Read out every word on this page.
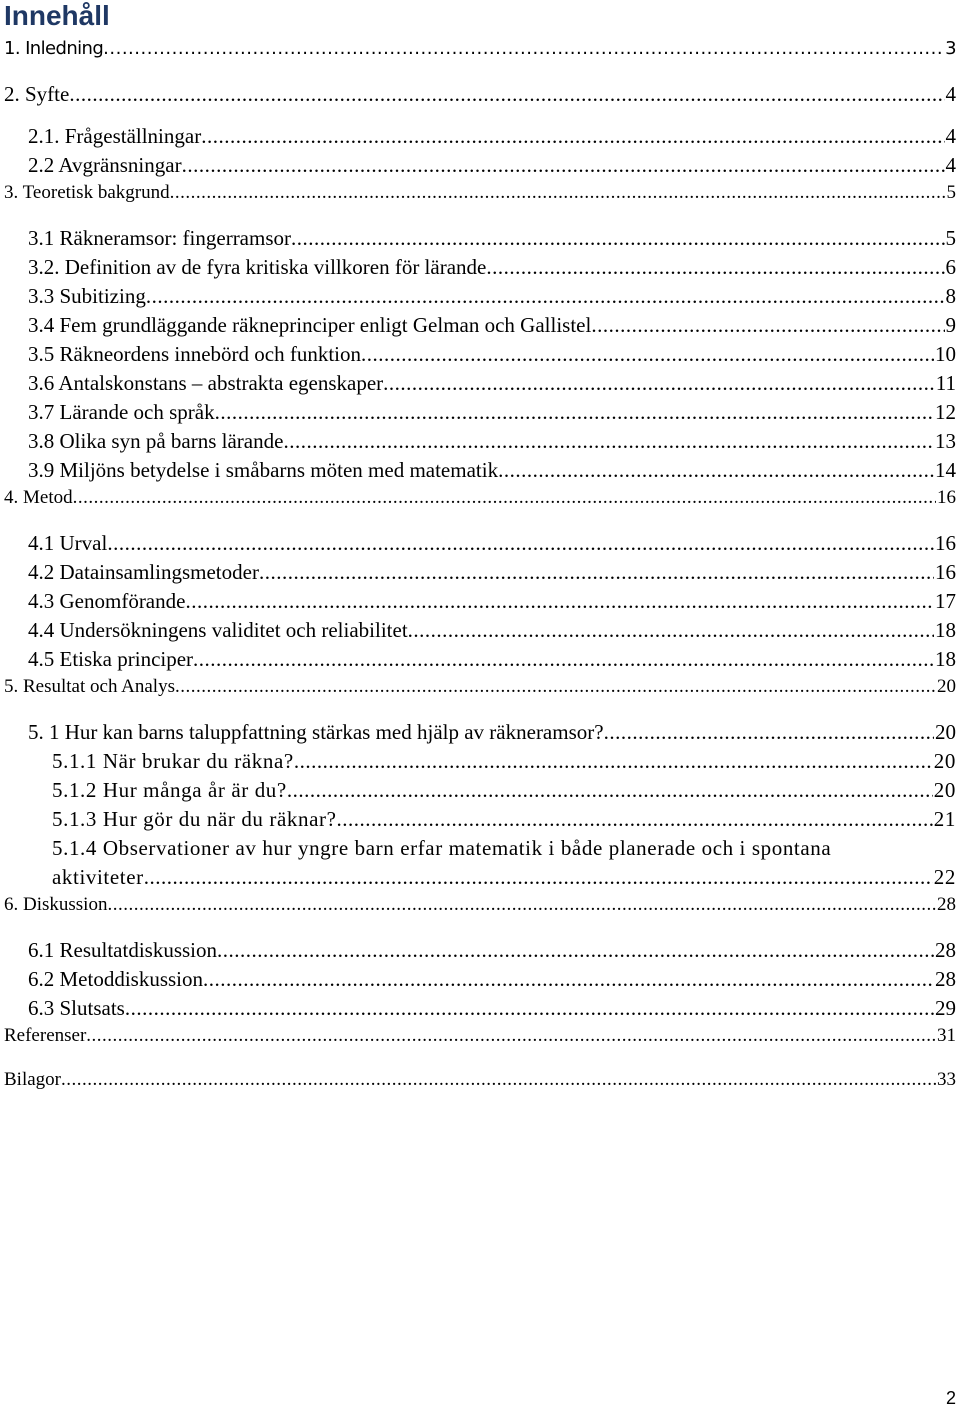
Innehåll
1. Inledning .....	3
2. Syfte .....	4
2.1. Frågeställningar .....	4
2.2 Avgränsningar .....	4
3. Teoretisk bakgrund .....	5
3.1 Räkneramsor: fingerramsor .....	5
3.2. Definition av de fyra kritiska villkoren för lärande .....	6
3.3 Subitizing .....	8
3.4 Fem grundläggande räkneprinciper enligt Gelman och Gallistel .....	9
3.5 Räkneordens innebörd och funktion .....	10
3.6 Antalskonstans – abstrakta egenskaper .....	11
3.7 Lärande och språk .....	12
3.8 Olika syn på barns lärande .....	13
3.9 Miljöns betydelse i småbarns möten med matematik .....	14
4. Metod .....	16
4.1 Urval .....	16
4.2 Datainsamlingsmetoder .....	16
4.3 Genomförande .....	17
4.4 Undersökningens validitet och reliabilitet .....	18
4.5 Etiska principer .....	18
5. Resultat och Analys .....	20
5. 1 Hur kan barns taluppfattning stärkas med hjälp av räkneramsor? .....	20
5.1.1 När brukar du räkna? .....	20
5.1.2 Hur många år är du? .....	20
5.1.3 Hur gör du när du räknar? .....	21
5.1.4 Observationer av hur yngre barn erfar matematik i både planerade och i spontana
aktiviteter .....	22
6. Diskussion .....	28
6.1 Resultatdiskussion .....	28
6.2 Metoddiskussion .....	28
6.3 Slutsats .....	29
Referenser .....	31
Bilagor .....	33
2
